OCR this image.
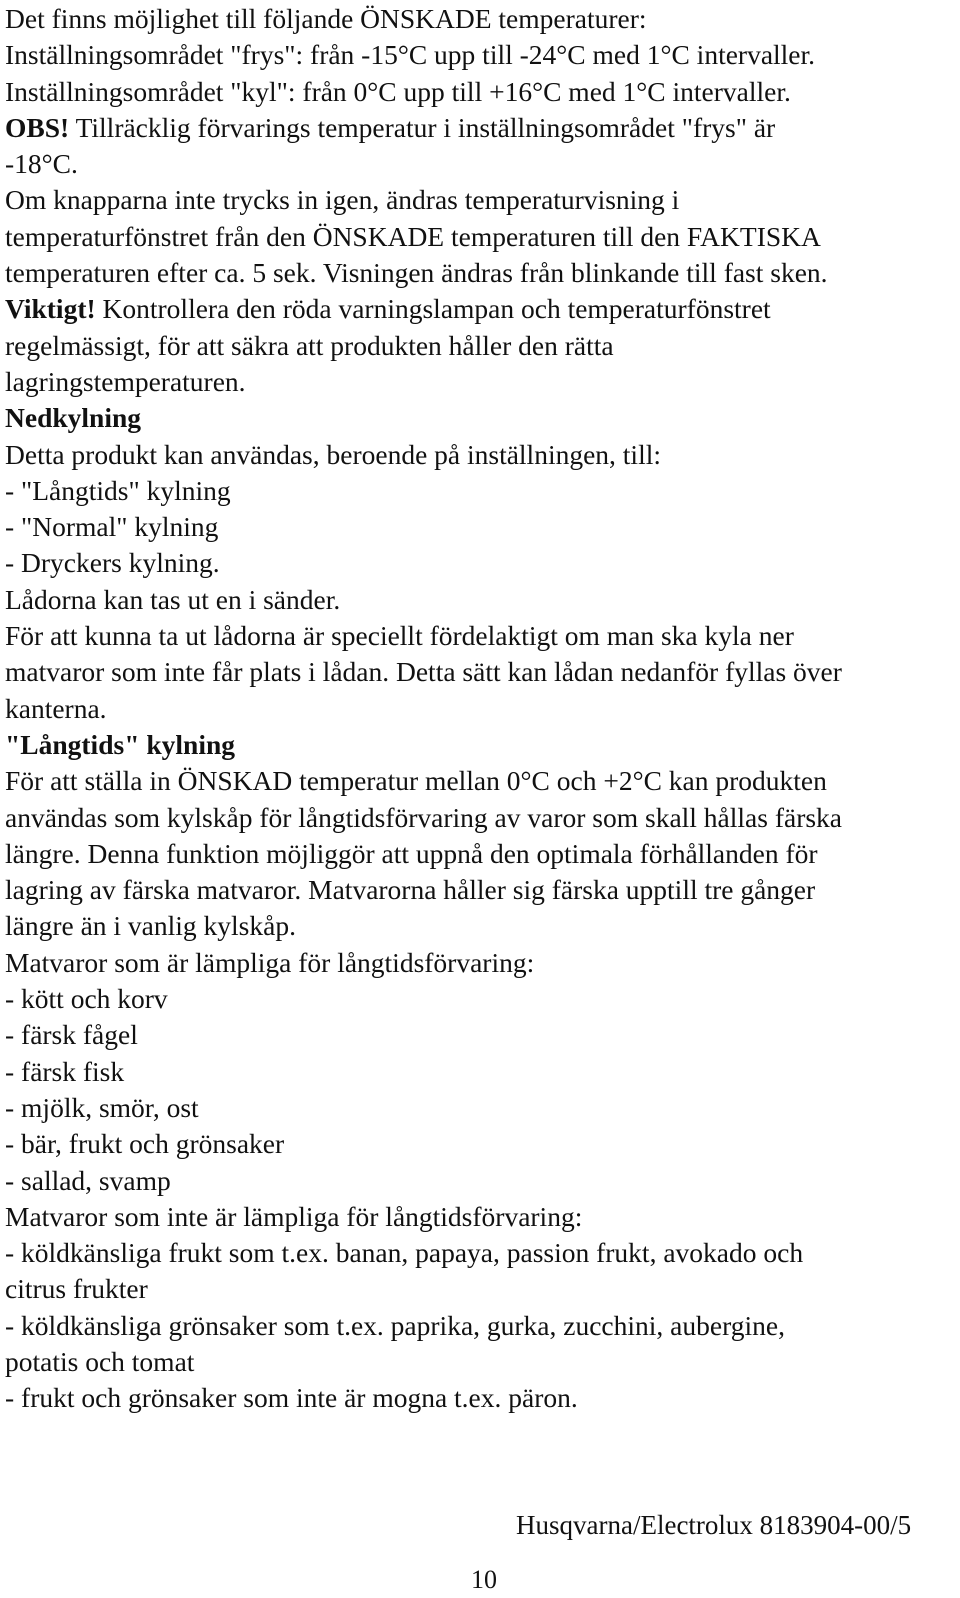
Det finns möjlighet till följande ÖNSKADE temperaturer:
Inställningsområdet "frys": från -15°C upp till -24°C med 1°C intervaller.
Inställningsområdet "kyl": från 0°C upp till +16°C med 1°C intervaller.
OBS! Tillräcklig förvarings temperatur i inställningsområdet "frys" är
-18°C.
Om knapparna inte trycks in igen, ändras temperaturvisning i
temperaturfönstret från den ÖNSKADE temperaturen till den FAKTISKA
temperaturen efter ca. 5 sek. Visningen ändras från blinkande till fast sken.
Viktigt! Kontrollera den röda varningslampan och temperaturfönstret
regelmässigt, för att säkra att produkten håller den rätta
lagringstemperaturen.
Nedkylning
Detta produkt kan användas, beroende på inställningen, till:
- "Långtids" kylning
- "Normal" kylning
- Dryckers kylning.
Lådorna kan tas ut en i sänder.
För att kunna ta ut lådorna är speciellt fördelaktigt om man ska kyla ner
matvaror som inte får plats i lådan. Detta sätt kan lådan nedanför fyllas över
kanterna.
"Långtids" kylning
För att ställa in ÖNSKAD temperatur mellan 0°C och +2°C kan produkten
användas som kylskåp för långtidsförvaring av varor som skall hållas färska
längre. Denna funktion möjliggör att uppnå den optimala förhållanden för
lagring av färska matvaror. Matvarorna håller sig färska upptill tre gånger
längre än i vanlig kylskåp.
Matvaror som är lämpliga för långtidsförvaring:
- kött och korv
- färsk fågel
- färsk fisk
- mjölk, smör, ost
- bär, frukt och grönsaker
- sallad, svamp
Matvaror som inte är lämpliga för långtidsförvaring:
- köldkänsliga frukt som t.ex. banan, papaya, passion frukt, avokado och
citrus frukter
- köldkänsliga grönsaker som t.ex. paprika, gurka, zucchini, aubergine,
potatis och tomat
- frukt och grönsaker som inte är mogna t.ex. päron.
Husqvarna/Electrolux 8183904-00/5
10
